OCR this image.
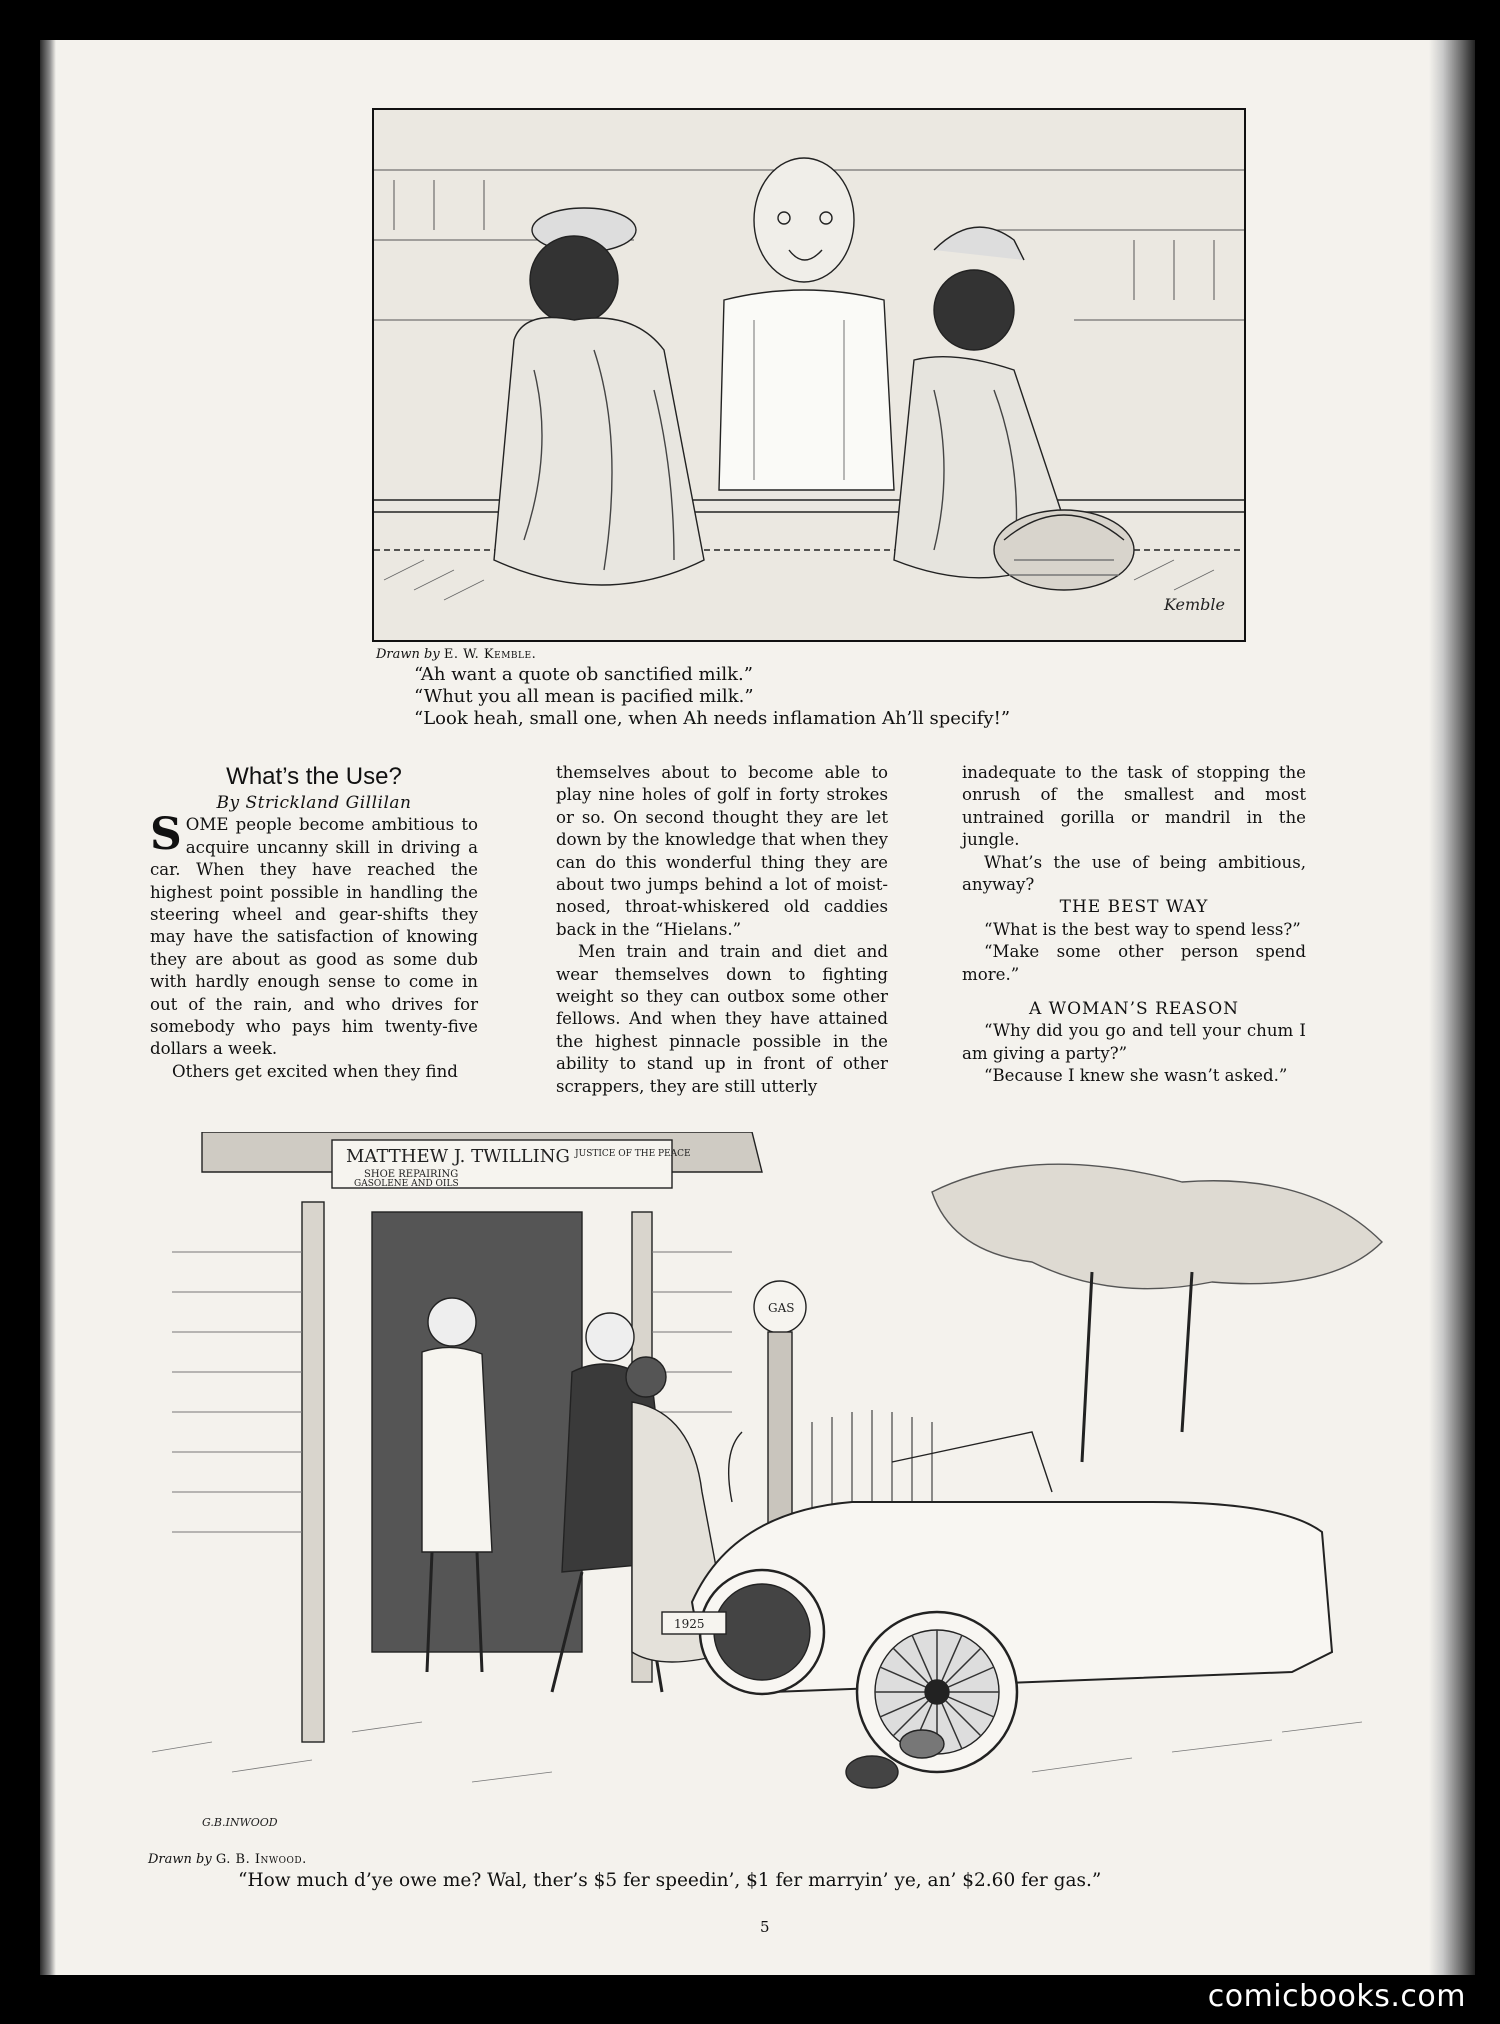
Kemble
Drawn by E. W. Kemble.
“Ah want a quote ob sanctified milk.”
“Whut you all mean is pacified milk.”
“Look heah, small one, when Ah needs inflamation Ah’ll specify!”

What’s the Use?

By Strickland Gillilan

SOME people become ambitious to acquire uncanny skill in driving a car. When they have reached the highest point possible in handling the steering wheel and gear-shifts they may have the satisfaction of knowing they are about as good as some dub with hardly enough sense to come in out of the rain, and who drives for somebody who pays him twenty-five dollars a week.

Others get excited when they find

themselves about to become able to play nine holes of golf in forty strokes or so. On second thought they are let down by the knowledge that when they can do this wonderful thing they are about two jumps behind a lot of moist-nosed, throat-whiskered old caddies back in the “Hielans.”

Men train and train and diet and wear themselves down to fighting weight so they can outbox some other fellows. And when they have attained the highest pinnacle possible in the ability to stand up in front of other scrappers, they are still utterly

inadequate to the task of stopping the onrush of the smallest and most untrained gorilla or mandril in the jungle.

What’s the use of being ambitious, anyway?

THE BEST WAY

“What is the best way to spend less?”

“Make some other person spend more.”

A WOMAN’S REASON

“Why did you go and tell your chum I am giving a party?”

“Because I knew she wasn’t asked.”

MATTHEW J. TWILLING
SHOE REPAIRING
GASOLENE AND OILS
JUSTICE OF THE PEACE
GAS
1925
G.B.INWOOD
Drawn by G. B. Inwood.
“How much d’ye owe me? Wal, ther’s $5 fer speedin’, $1 fer marryin’ ye, an’ $2.60 fer gas.”
5
comicbooks.com
